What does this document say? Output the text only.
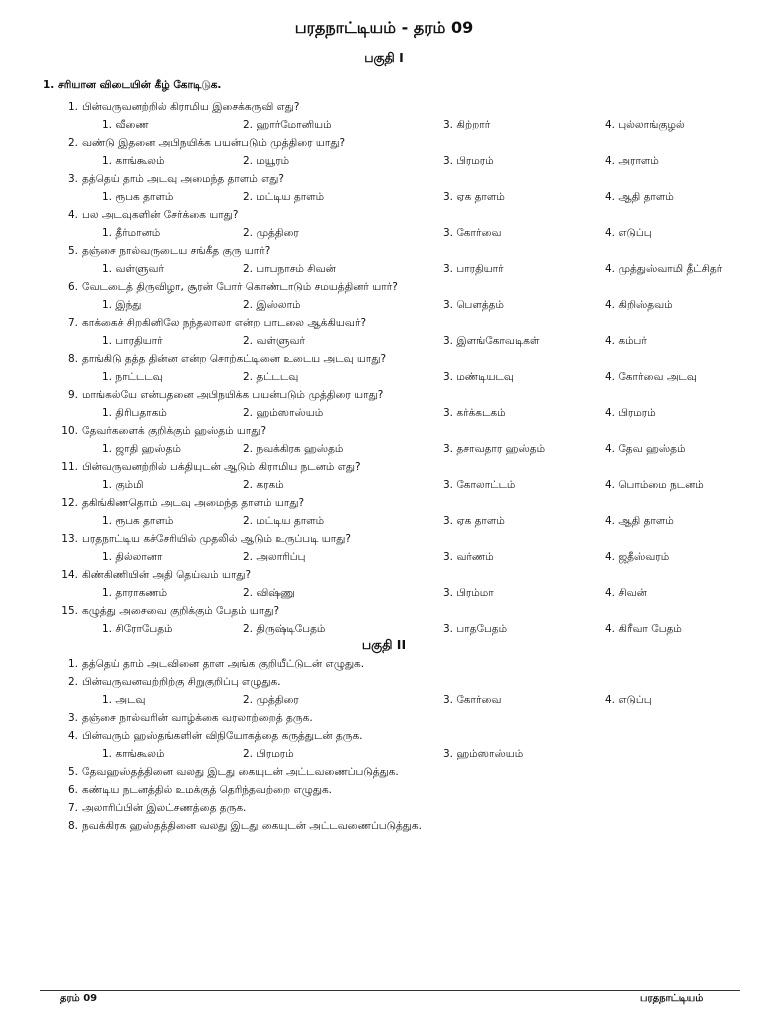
பரதநாட்டியம் - தரம் 09
பகுதி I

1. சரியான விடையின் கீழ் கோடிடுக.

1. பின்வருவனற்றில் கிராமிய இசைக்கருவி எது?
1. வீணை	2. ஹார்மோனியம்	3. கிற்றார்	4. புல்லாங்குழல்
2. வண்டு இதனை அபிநயிக்க பயன்படும் முத்திரை யாது?
1. காங்கூலம்	2. மயூரம்	3. பிரமரம்	4. அராளம்
3. தத்தெய் தாம் அடவு அமைந்த தாளம் எது?
1. ரூபக தாளம்	2. மட்டிய தாளம்	3. ஏக தாளம்	4. ஆதி தாளம்
4. பல அடவுகளின் சேர்க்கை யாது?
1. தீர்மானம்	2. முத்திரை	3. கோர்வை	4. எடுப்பு
5. தஞ்சை நால்வருடைய சங்கீத குரு யார்?
1. வள்ளுவர்	2. பாபநாசம் சிவன்	3. பாரதியார்	4. முத்துஸ்வாமி தீட்சிதர்
6. வேடடைத் திருவிழா, சூரன் போர் கொண்டாடும் சமயத்தினர் யார்?
1. இந்து	2. இஸ்லாம்	3. பௌத்தம்	4. கிறிஸ்தவம்
7. காக்கைச் சிறகினிலே நந்தலாலா என்ற பாடலை ஆக்கியவர்?
1. பாரதியார்	2. வள்ளுவர்	3. இளங்கோவடிகள்	4. கம்பர்
8. தாங்கிடு தத்த தின்ன என்ற சொற்கட்டினை உடைய அடவு யாது?
1. நாட்டடவு	2. தட்டடவு	3. மண்டியடவு	4. கோர்வை அடவு
9. மாங்கல்யே என்பதனை அபிநயிக்க பயன்படும் முத்திரை யாது?
1. திரிபதாகம்	2. ஹம்ஸாஸ்யம்	3. கர்க்கடகம்	4. பிரமரம்
10. தேவர்களைக் குறிக்கும் ஹஸ்தம் யாது?
1. ஜாதி ஹஸ்தம்	2. நவக்கிரக ஹஸ்தம்	3. தசாவதார ஹஸ்தம்	4. தேவ ஹஸ்தம்
11. பின்வருவனற்றில் பக்தியுடன் ஆடும் கிராமிய நடனம் எது?
1. கும்மி	2. கரகம்	3. கோலாட்டம்	4. பொம்மை நடனம்
12. தகிங்கிணதொம் அடவு அமைந்த தாளம் யாது?
1. ரூபக தாளம்	2. மட்டிய தாளம்	3. ஏக தாளம்	4. ஆதி தாளம்
13. பரதநாட்டிய கச்சேரியில் முதலில் ஆடும் உருப்படி யாது?
1. தில்லானா	2. அலாரிப்பு	3. வர்ணம்	4. ஜதீஸ்வரம்
14. கிண்கிணியின் அதி தெய்வம் யாது?
1. தாராகணம்	2. விஷ்ணு	3. பிரம்மா	4. சிவன்
15. கழுத்து அசைவை குறிக்கும் பேதம் யாது?
1. சிரோபேதம்	2. திருஷ்டிபேதம்	3. பாதபேதம்	4. கிரீவா பேதம்
பகுதி II
1. தத்தெய் தாம் அடவினை தாள அங்க குறியீட்டுடன் எழுதுக.
2. பின்வருவனவற்றிற்கு சிறுகுறிப்பு எழுதுக.
1. அடவு	2. முத்திரை	3. கோர்வை	4. எடுப்பு
3. தஞ்சை நால்வரின் வாழ்க்கை வரலாற்றைத் தருக.
4. பின்வரும் ஹஸ்தங்களின் விநியோகத்தை கருத்துடன் தருக.
1. காங்கூலம்	2. பிரமரம்	3. ஹம்ஸாஸ்யம்
5. தேவஹஸ்தத்தினை வலது இடது கையுடன் அட்டவணைப்படுத்துக.
6. கண்டிய நடனத்தில் உமக்குத் தெரிந்தவற்றை எழுதுக.
7. அலாரிப்பின் இலட்சணத்தை தருக.
8. நவக்கிரக ஹஸ்தத்தினை வலது இடது கையுடன் அட்டவணைப்படுத்துக.
தரம் 09	பரதநாட்டியம்
